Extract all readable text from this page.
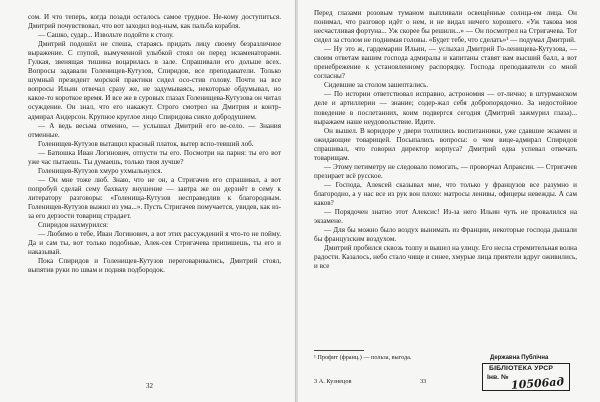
сом. И что теперь, когда позади осталось самое трудное. Не-кому доступиться. Дмитрий почувствовал, что вот заходил вод-ным, как пальба корабля.

— Сашко, судар... Извольте подойти к столу.

Дмитрий подошёл не спеша, стараясь придать лицу своему безразличное выражение. С глупой, вымученной улыбкой стоял он перед экзаменаторами. Гулкая, звенящая тишина воцарилась в зале. Спрашивали его дольше всех. Вопросы задавали Голенищев-Кутузов, Спиридов, все преподаватели. Только шумный президент морской практики сидел осо-стив голову. Почти на все вопросы Ильин отвечал сразу же, не задумываясь, некоторые обдумывал, но какое-то короткое время. И все же в суровых глазах Голенищева-Кутузова он читал осуждение. Он знал, что его накажут. Строго смотрел на Дмитрия и контр-адмирал Андерсон. Крупное круглое лицо Спиридова сияло добродушием.

— А ведь весьма отменно, — услышал Дмитрий его ве-село. — Знания отменные.

Голенищев-Кутузов вытащил красный платок, вытер вспо-тевший лоб.

— Батюшка Иван Логинович, отпусти ты его. Посмотри на парня: ты его вот уже час пытаешь. Ты думаешь, только твоя лучше?

Голенищев-Кутузов хмуро ухмыльнулся.

— Он мне тоже люб. Знаю, что не он, а Стригачев его спрашивал, а вот попробуй сделай сему бахвалу внушение — завтра же он дерзнёт в сему к литератору разговоры: «Голенища-Кутузов несправедлив к благородным. Голенищев-Кутузов выжил из ума...». Пусть Стригачев помучается, увидев, как из-за его дерзости товарищ страдает.

Спиридов нахмурился:

— Любимо в тебе, Иван Логинович, а вот этих рассуждений я что-то не пойму. Да и сам ты, вот только подобные, Алек-сея Стригачева припишешь, ты его и наказывай.

Пока Спиридов и Голенищев-Кутузов переговаривались, Дмитрий стоял, выпятив руки по швам и подняв подбородок.

32

Перед глазами розовым туманом выпливали освещённые солнца-ем лица. Он понимал, что разговор идёт о нем, и не видал ничего хорошего. «Уж такова моя несчастливая фортуна... Уж скорее бы решили...» — Он посмотрел на Стригачева. Тот сидел за столом не поднимая головы. «Будет тебе, что сделать»¹ — подумал Дмитрий.

— Ну это ж, гардемарин Ильин, — услыхал Дмитрий Го-ленищева-Кутузова, — своим ответам вашим господа адмиралы и капитаны ставят вам высший балл, а вот пренебрежение к установленному распорядку. Господа преподаватели со мной согласны?

Сидевшие за столом зашептались.

— По истории ответствовал исправно, астрономия — от-лично; в штурманском деле и артиллерии — знание; содер-жал себя добропорядочно. За недостойное поведение в послетанних, коим подвергся сегодня (Дмитрий зажмурил глаза)... выражаем наше неудовольствие. Идите.

Он вышел. В коридоре у двери толпились воспитанники, уже сдавшие экзамен и ожидающие товарищей. Посыпались вопросы: о чем вице-адмирал Спиридов спрашивал, что говорил директор корпуса? Дмитрий едва успевал отвечать товарищам.

— Этому петиметру не следовало помогать, — проворчал Апраксин. — Стригачев презирает всё русское.

— Господа, Алексей сказывал мне, что только у французов все разумно и благородно, а у нас все из рук вон плохо: матросы ленивы, офицеры невежды. А сам каков?

— Порядочен знатно этот Алексис! Из-за него Ильин чуть не провалился на экзамене.

— Для бы можно было воздух вынимать из Франции, некоторые господа дышали бы французским воздухом.

Дмитрий пробился сквозь толпу и вышел на улицу. Его несла стремительная волна радости. Казалось, небо стало чище и синее, хмурые лица приятели вдруг оживились, и все

¹ Профит (франц.) — польза, выгода.
3 А. Кузнецов	33
Державна Публічна
БІБЛІОТЕКА УРСР
Інв. № 10506ад
